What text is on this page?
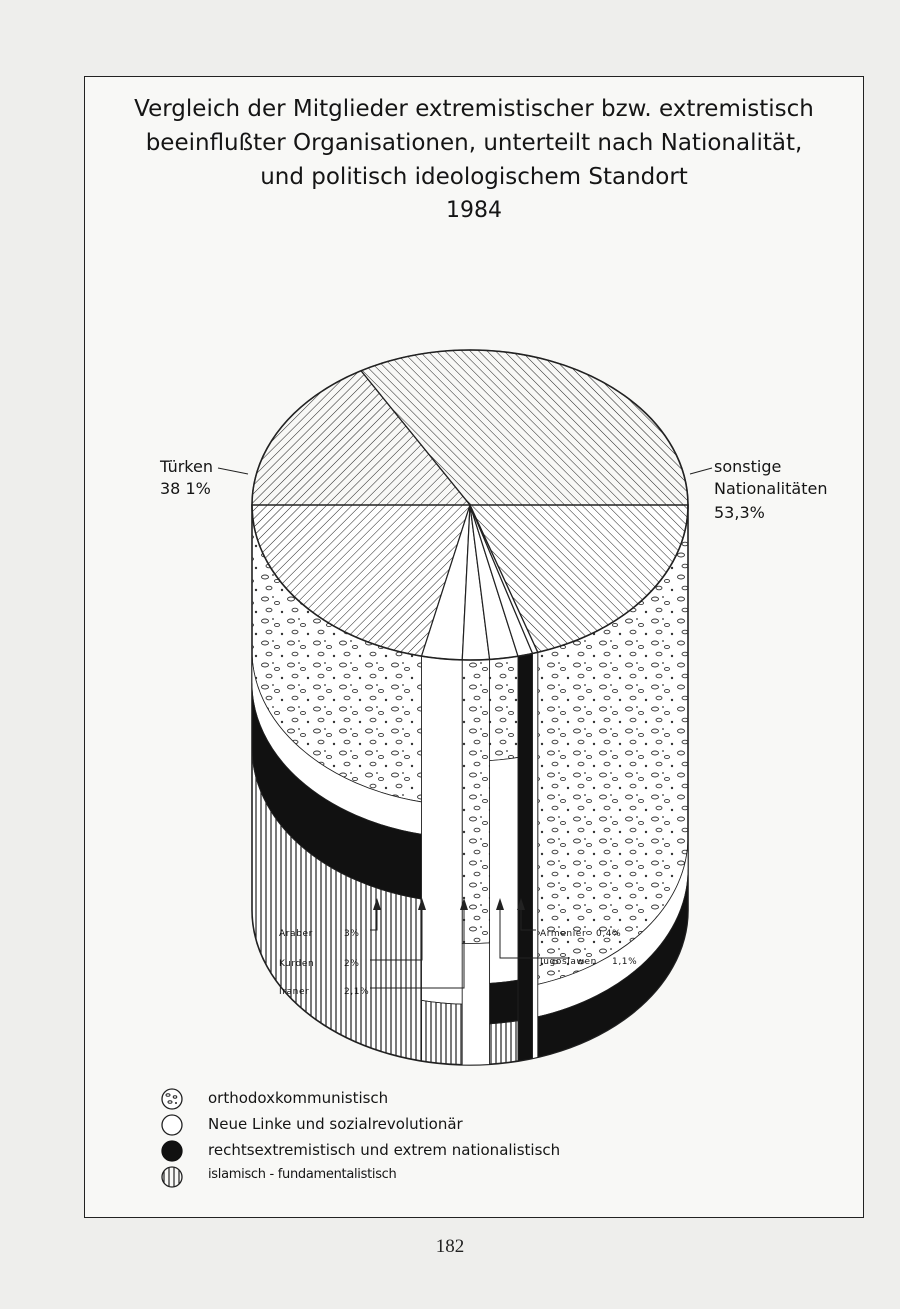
Vergleich der Mitglieder extremistischer bzw. extremistisch
beeinflußter Organisationen, unterteilt nach Nationalität,
und politisch ideologischem Standort
1984
Türken
38 1%
sonstige
Nationalitäten
53,3%
Araber	3%
Kurden	2%
Iraner	2,1%
Jugoslawen 1,1%
Armenier 0,4%
orthodoxkommunistisch
Neue Linke und sozialrevolutionär
rechtsextremistisch und extrem nationalistisch
islamisch - fundamentalistisch
182
